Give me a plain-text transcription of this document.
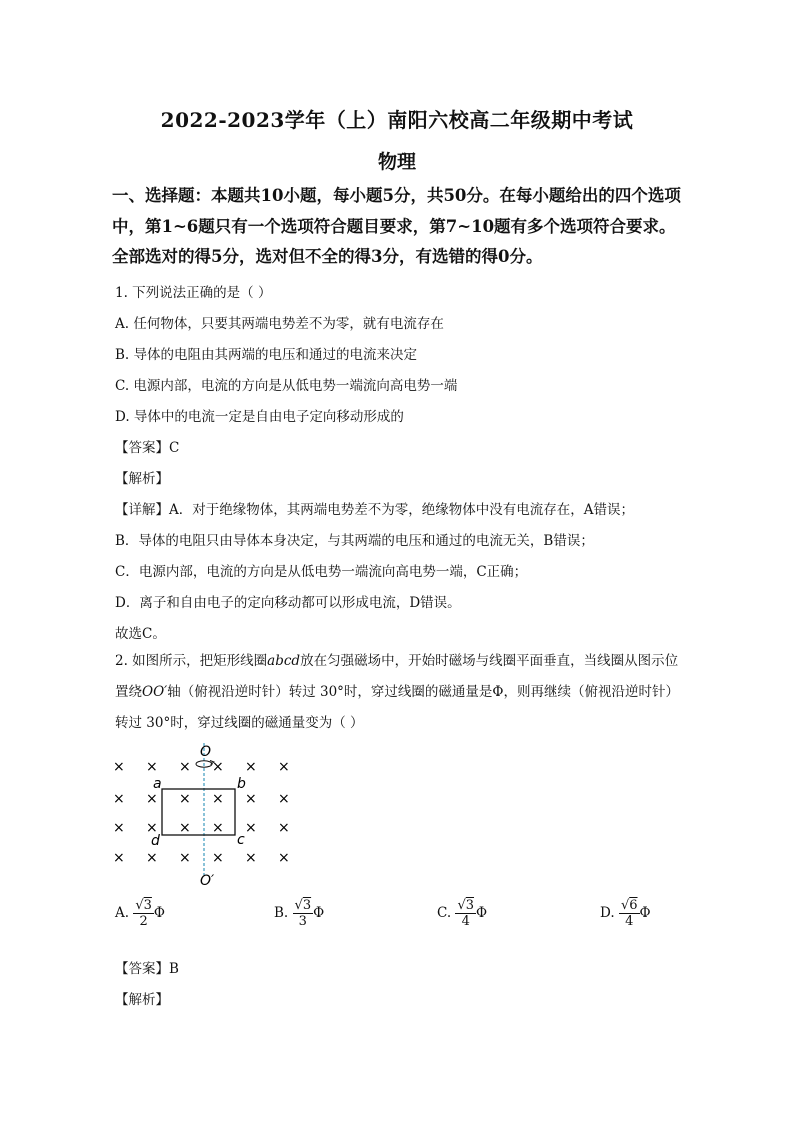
2022-2023学年（上）南阳六校高二年级期中考试
物理
一、选择题：本题共10小题，每小题5分，共50分。在每小题给出的四个选项中，第1~6题只有一个选项符合题目要求，第7~10题有多个选项符合要求。全部选对的得5分，选对但不全的得3分，有选错的得0分。
1. 下列说法正确的是（ ）
A. 任何物体，只要其两端电势差不为零，就有电流存在
B. 导体的电阻由其两端的电压和通过的电流来决定
C. 电源内部，电流的方向是从低电势一端流向高电势一端
D. 导体中的电流一定是自由电子定向移动形成的
【答案】C
【解析】
【详解】A．对于绝缘物体，其两端电势差不为零，绝缘物体中没有电流存在，A错误；
B．导体的电阻只由导体本身决定，与其两端的电压和通过的电流无关，B错误；
C．电源内部，电流的方向是从低电势一端流向高电势一端，C正确；
D．离子和自由电子的定向移动都可以形成电流，D错误。
故选C。
2. 如图所示，把矩形线圈abcd放在匀强磁场中，开始时磁场与线圈平面垂直，当线圈从图示位置绕OO′轴（俯视沿逆时针）转过 30°时，穿过线圈的磁通量是Φ，则再继续（俯视沿逆时针）转过 30°时，穿过线圈的磁通量变为（ ）
× × × × × ×
× × × × × ×
× × × × × ×
× × × × × ×
O
O′
a	b
c
d
A. $\frac{√3}{2}$ Φ	B. $\frac{√3}{3}$ Φ	C. $\frac{√3}{4}$ Φ	D. $\frac{√6}{4}$ Φ
【答案】B
【解析】
